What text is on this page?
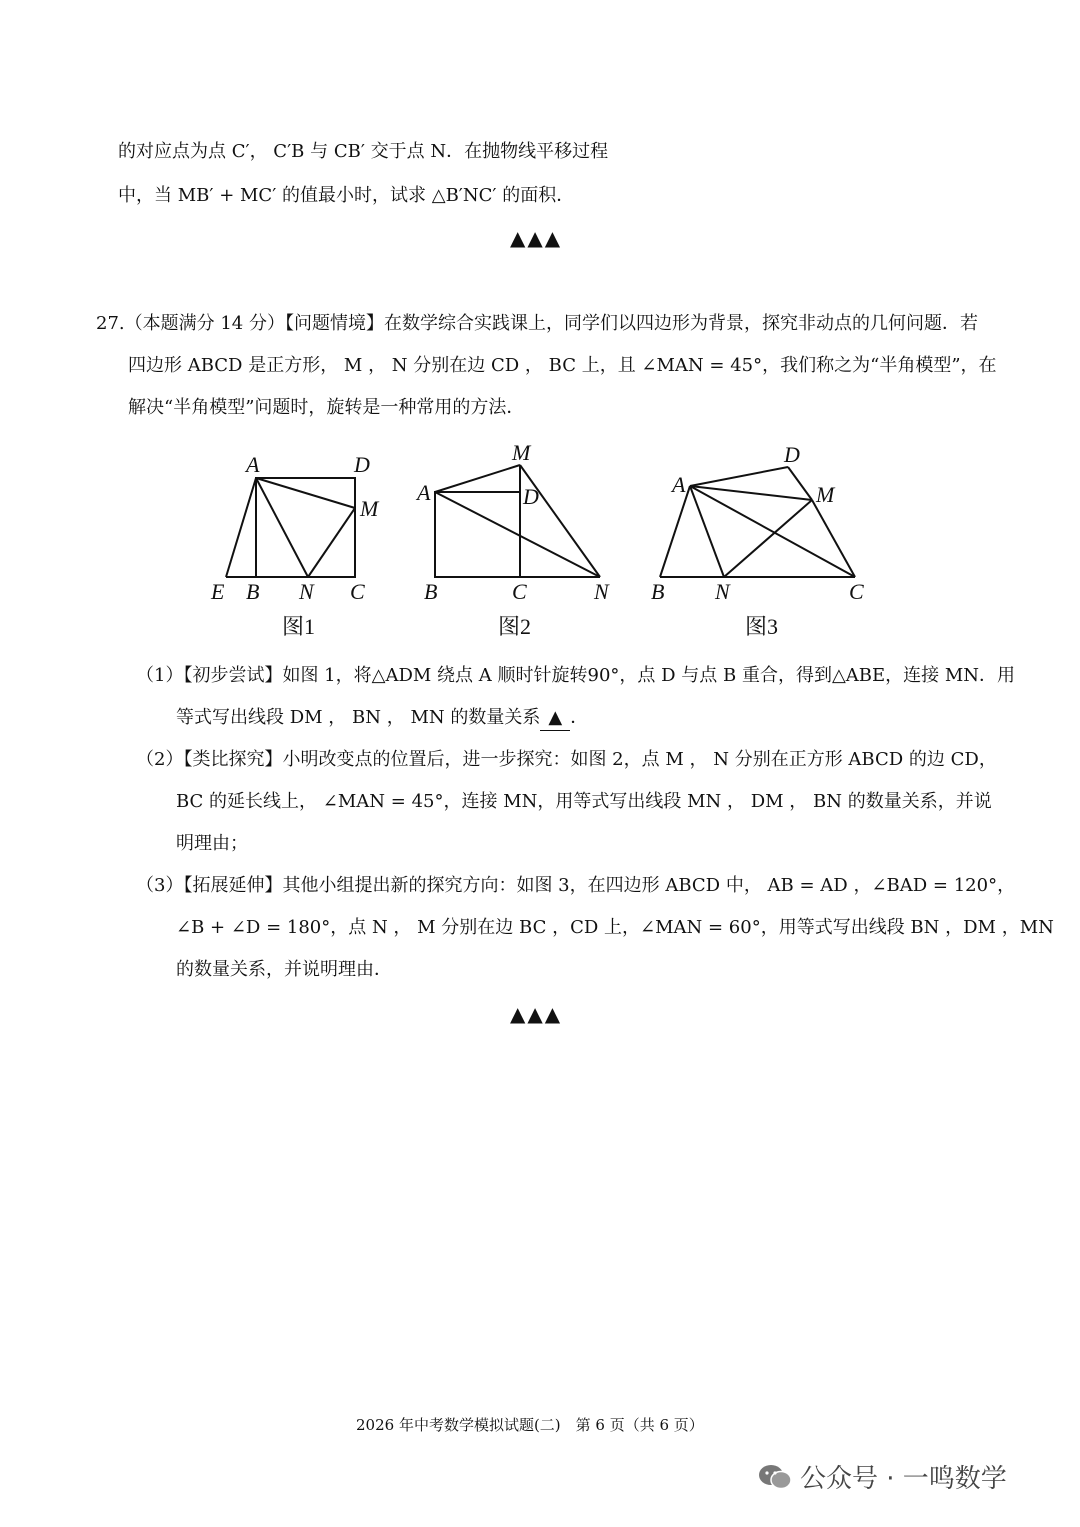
的对应点为点 C′， C′B 与 CB′ 交于点 N．在抛物线平移过程
中，当 MB′ + MC′ 的值最小时，试求 △B′NC′ 的面积．
▲▲▲
27.（本题满分 14 分）【问题情境】在数学综合实践课上，同学们以四边形为背景，探究非动点的几何问题．若
四边形 ABCD 是正方形， M ， N 分别在边 CD ， BC 上，且 ∠MAN = 45°，我们称之为“半角模型”，在
解决“半角模型”问题时，旋转是一种常用的方法．
A	D
M
E B N C
M
A	D
B	C	N
D
A	M
B N	C
图1	图2	图3
（1）【初步尝试】如图 1，将△ADM 绕点 A 顺时针旋转90°，点 D 与点 B 重合，得到△ABE，连接 MN．用
等式写出线段 DM ， BN ， MN 的数量关系 ▲ ．
（2）【类比探究】小明改变点的位置后，进一步探究：如图 2，点 M ， N 分别在正方形 ABCD 的边 CD，
BC 的延长线上， ∠MAN = 45°，连接 MN，用等式写出线段 MN ， DM ， BN 的数量关系，并说
明理由；
（3）【拓展延伸】其他小组提出新的探究方向：如图 3，在四边形 ABCD 中， AB = AD ，∠BAD = 120°，
∠B + ∠D = 180°，点 N ， M 分别在边 BC ，CD 上，∠MAN = 60°，用等式写出线段 BN ，DM ，MN
的数量关系，并说明理由．
▲▲▲
2026 年中考数学模拟试题(二)　第 6 页（共 6 页）
公众号 · 一鸣数学
